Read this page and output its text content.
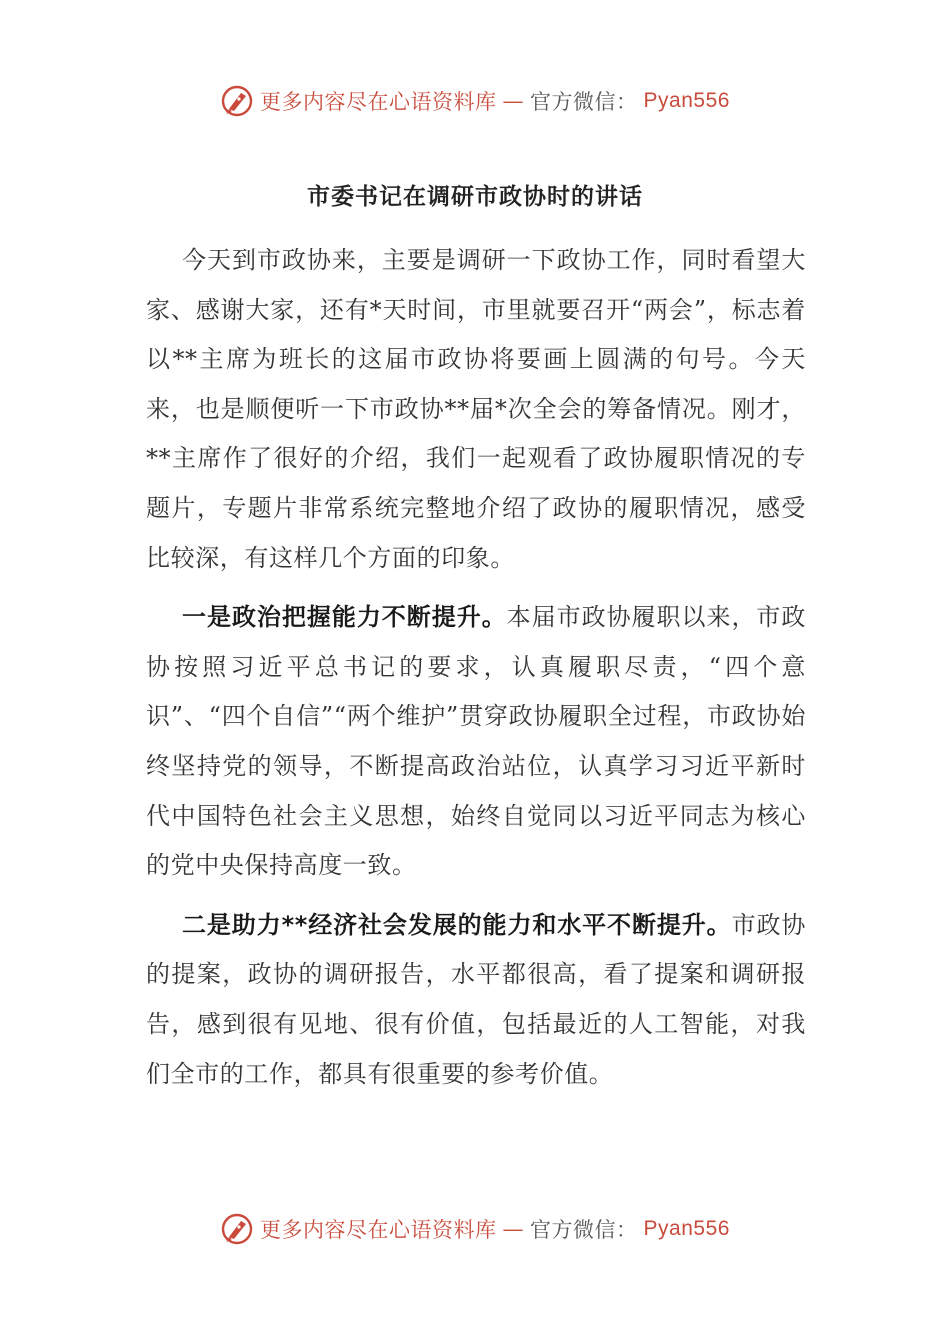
更多内容尽在心语资料库 — 官方微信： Pyan556
市委书记在调研市政协时的讲话

今天到市政协来，主要是调研一下政协工作，同时看望大家、感谢大家，还有*天时间，市里就要召开“两会”，标志着以**主席为班长的这届市政协将要画上圆满的句号。今天来，也是顺便听一下市政协**届*次全会的筹备情况。刚才，**主席作了很好的介绍，我们一起观看了政协履职情况的专题片，专题片非常系统完整地介绍了政协的履职情况，感受比较深，有这样几个方面的印象。

一是政治把握能力不断提升。本届市政协履职以来，市政协按照习近平总书记的要求，认真履职尽责，“四个意识”、“四个自信”“两个维护”贯穿政协履职全过程，市政协始终坚持党的领导，不断提高政治站位，认真学习习近平新时代中国特色社会主义思想，始终自觉同以习近平同志为核心的党中央保持高度一致。

二是助力**经济社会发展的能力和水平不断提升。市政协的提案，政协的调研报告，水平都很高，看了提案和调研报告，感到很有见地、很有价值，包括最近的人工智能，对我们全市的工作，都具有很重要的参考价值。

更多内容尽在心语资料库 — 官方微信： Pyan556
